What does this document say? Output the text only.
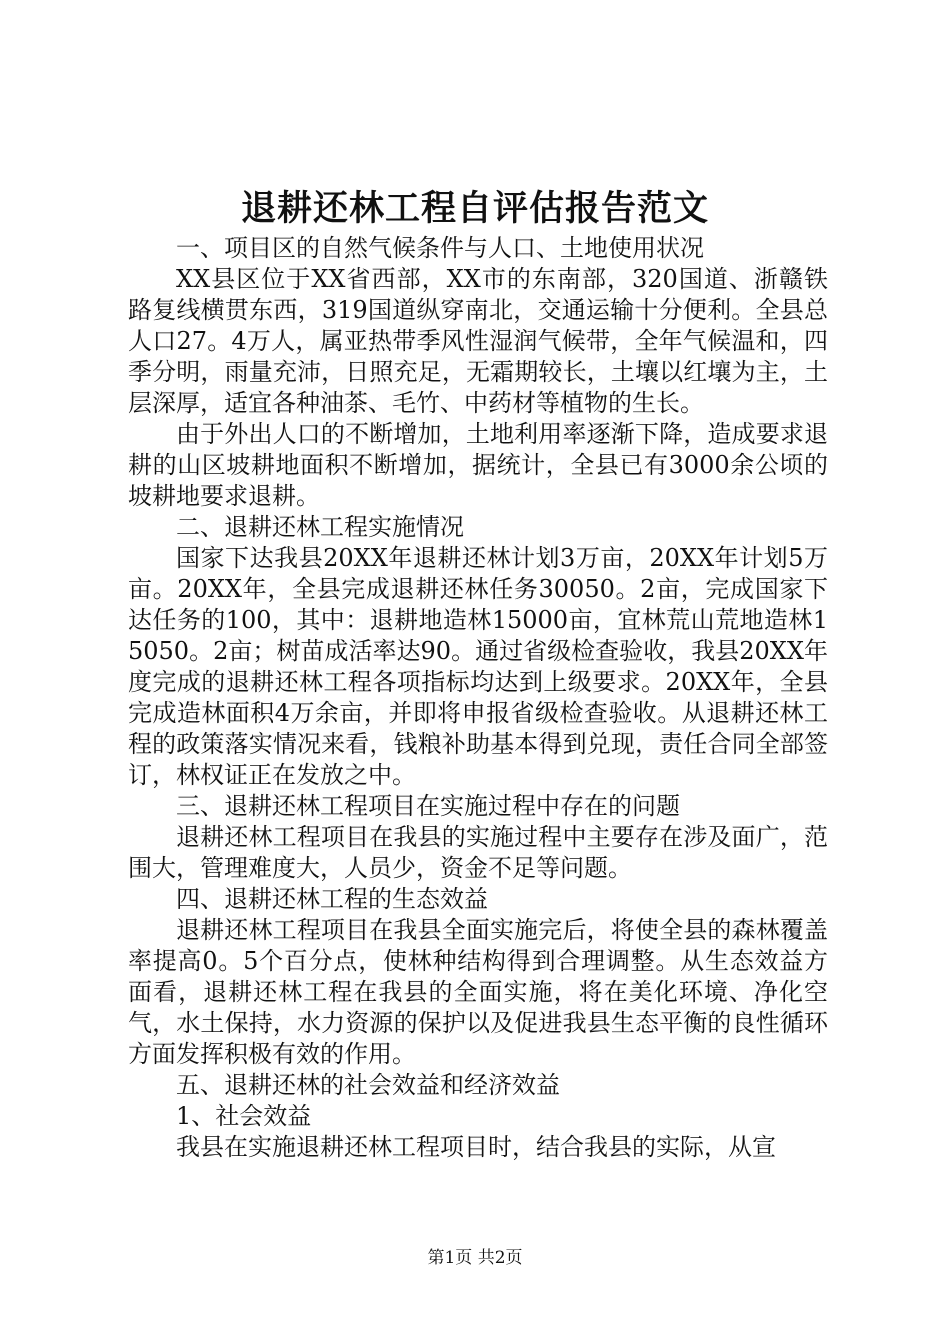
退耕还林工程自评估报告范文

一、项目区的自然气候条件与人口、土地使用状况

XX县区位于XX省西部，XX市的东南部，320国道、浙赣铁路复线横贯东西，319国道纵穿南北，交通运输十分便利。全县总人口27。4万人，属亚热带季风性湿润气候带，全年气候温和，四季分明，雨量充沛，日照充足，无霜期较长，土壤以红壤为主，土层深厚，适宜各种油茶、毛竹、中药材等植物的生长。

由于外出人口的不断增加，土地利用率逐渐下降，造成要求退耕的山区坡耕地面积不断增加，据统计，全县已有3000余公顷的坡耕地要求退耕。

二、退耕还林工程实施情况

国家下达我县20XX年退耕还林计划3万亩，20XX年计划5万亩。20XX年，全县完成退耕还林任务30050。2亩，完成国家下达任务的100，其中：退耕地造林15000亩，宜林荒山荒地造林15050。2亩；树苗成活率达90。通过省级检查验收，我县20XX年度完成的退耕还林工程各项指标均达到上级要求。20XX年，全县完成造林面积4万余亩，并即将申报省级检查验收。从退耕还林工程的政策落实情况来看，钱粮补助基本得到兑现，责任合同全部签订，林权证正在发放之中。

三、退耕还林工程项目在实施过程中存在的问题

退耕还林工程项目在我县的实施过程中主要存在涉及面广，范围大，管理难度大，人员少，资金不足等问题。

四、退耕还林工程的生态效益

退耕还林工程项目在我县全面实施完后，将使全县的森林覆盖率提高0。5个百分点，使林种结构得到合理调整。从生态效益方面看，退耕还林工程在我县的全面实施，将在美化环境、净化空气，水土保持，水力资源的保护以及促进我县生态平衡的良性循环方面发挥积极有效的作用。

五、退耕还林的社会效益和经济效益

1、社会效益

我县在实施退耕还林工程项目时，结合我县的实际，从宣

第1页 共2页
